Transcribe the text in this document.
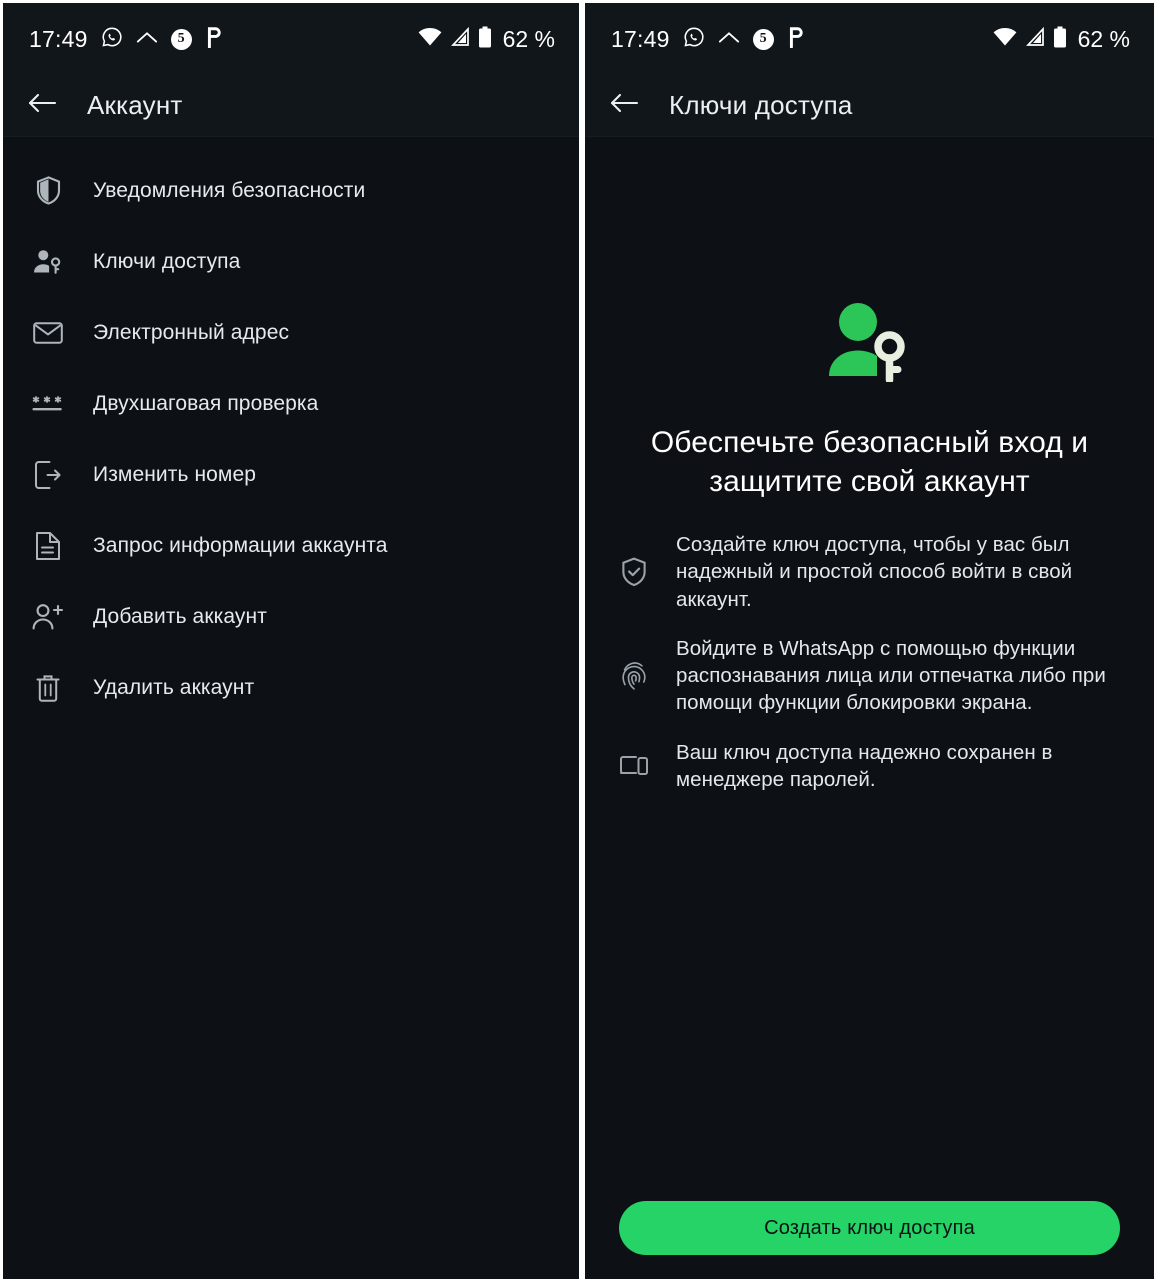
17:49	5	62 %
Аккаунт
Уведомления безопасности
Ключи доступа
Электронный адрес
Двухшаговая проверка
Изменить номер
Запрос информации аккаунта
Добавить аккаунт
Удалить аккаунт
17:49	5	62 %
Ключи доступа
Обеспечьте безопасный вход и защитите свой аккаунт
Создайте ключ доступа, чтобы у вас был надежный и простой способ войти в свой аккаунт.
Войдите в WhatsApp с помощью функции распознавания лица или отпечатка либо при помощи функции блокировки экрана.
Ваш ключ доступа надежно сохранен в менеджере паролей.
Создать ключ доступа
